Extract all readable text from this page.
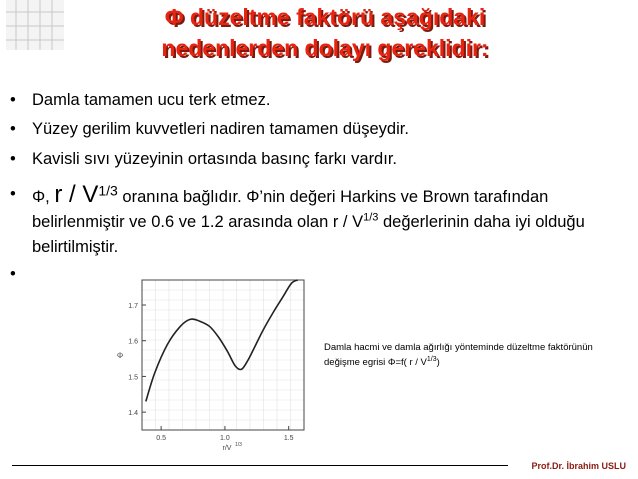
Φ düzeltme faktörü aşağıdaki
nedenlerden dolayı gereklidir:
• Damla tamamen ucu terk etmez.
• Yüzey gerilim kuvvetleri nadiren tamamen düşeydir.
• Kavisli sıvı yüzeyinin ortasında basınç farkı vardır.
• Φ, r / $V^{1/3}$ oranına bağlıdır. Φ’nin değeri Harkins ve Brown tarafından belirlenmiştir ve 0.6 ve 1.2 arasında olan r / $V^{1/3}$ değerlerinin daha iyi olduğu belirtilmiştir.
•
1.4
1.5
1.6
1.7
0.5	1.0	1.5
Φ
r/V 1/3
Damla hacmi ve damla ağırlığı yönteminde düzeltme faktörünün değişme egrisi Φ=f( r / $V^{1/3}$)
Prof.Dr. İbrahim USLU
